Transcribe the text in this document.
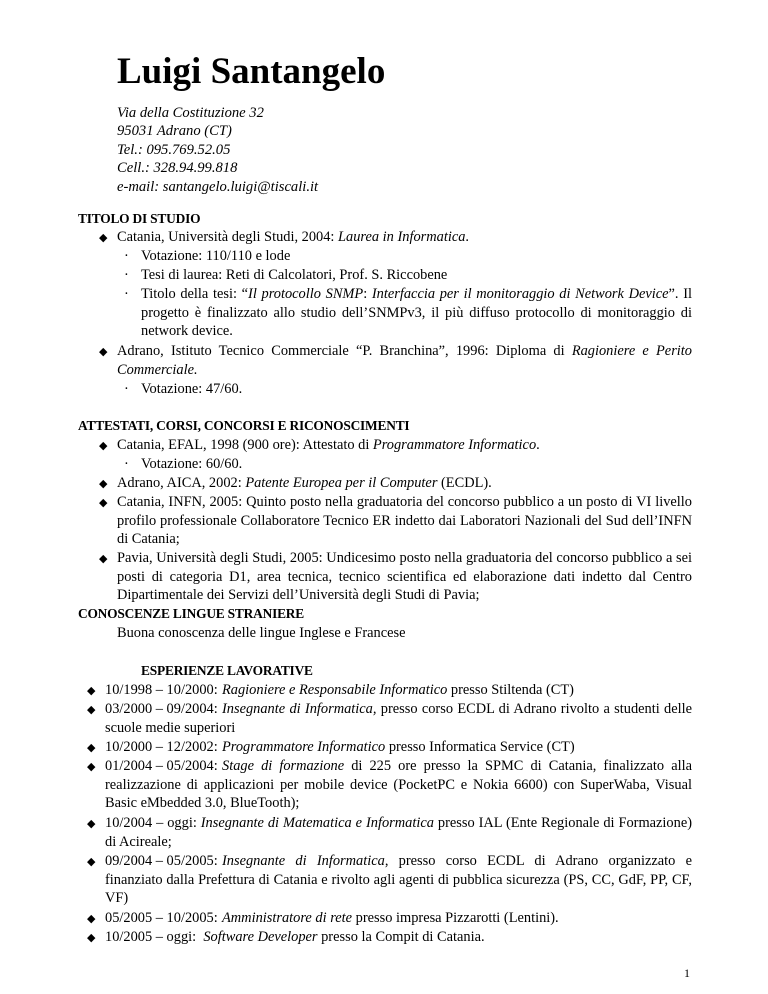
Luigi Santangelo
Via della Costituzione 32
95031 Adrano (CT)
Tel.: 095.769.52.05
Cell.: 328.94.99.818
e-mail: santangelo.luigi@tiscali.it
TITOLO DI STUDIO
◆ Catania, Università degli Studi, 2004: Laurea in Informatica.
· Votazione: 110/110 e lode
· Tesi di laurea: Reti di Calcolatori, Prof. S. Riccobene
· Titolo della tesi: “Il protocollo SNMP: Interfaccia per il monitoraggio di Network Device”. Il progetto è finalizzato allo studio dell’SNMPv3, il più diffuso protocollo di monitoraggio di network device.
◆ Adrano, Istituto Tecnico Commerciale “P. Branchina”, 1996: Diploma di Ragioniere e Perito Commerciale.
· Votazione: 47/60.
ATTESTATI, CORSI, CONCORSI E RICONOSCIMENTI
◆ Catania, EFAL, 1998 (900 ore): Attestato di Programmatore Informatico.
· Votazione: 60/60.
◆ Adrano, AICA, 2002: Patente Europea per il Computer (ECDL).
◆ Catania, INFN, 2005: Quinto posto nella graduatoria del concorso pubblico a un posto di VI livello profilo professionale Collaboratore Tecnico ER indetto dai Laboratori Nazionali del Sud dell’INFN di Catania;
◆ Pavia, Università degli Studi, 2005: Undicesimo posto nella graduatoria del concorso pubblico a sei posti di categoria D1, area tecnica, tecnico scientifica ed elaborazione dati indetto dal Centro Dipartimentale dei Servizi dell’Università degli Studi di Pavia;
CONOSCENZE LINGUE STRANIERE
Buona conoscenza delle lingue Inglese e Francese
ESPERIENZE LAVORATIVE
◆ 10/1998 – 10/2000: Ragioniere e Responsabile Informatico presso Stiltenda (CT)
◆ 03/2000 – 09/2004: Insegnante di Informatica, presso corso ECDL di Adrano rivolto a studenti delle scuole medie superiori
◆ 10/2000 – 12/2002: Programmatore Informatico presso Informatica Service (CT)
◆ 01/2004 – 05/2004: Stage di formazione di 225 ore presso la SPMC di Catania, finalizzato alla realizzazione di applicazioni per mobile device (PocketPC e Nokia 6600) con SuperWaba, Visual Basic eMbedded 3.0, BlueTooth);
◆ 10/2004 – oggi: Insegnante di Matematica e Informatica presso IAL (Ente Regionale di Formazione) di Acireale;
◆ 09/2004 – 05/2005: Insegnante di Informatica, presso corso ECDL di Adrano organizzato e finanziato dalla Prefettura di Catania e rivolto agli agenti di pubblica sicurezza (PS, CC, GdF, PP, CF, VF)
◆ 05/2005 – 10/2005: Amministratore di rete presso impresa Pizzarotti (Lentini).
◆ 10/2005 – oggi:  Software Developer presso la Compit di Catania.
1
